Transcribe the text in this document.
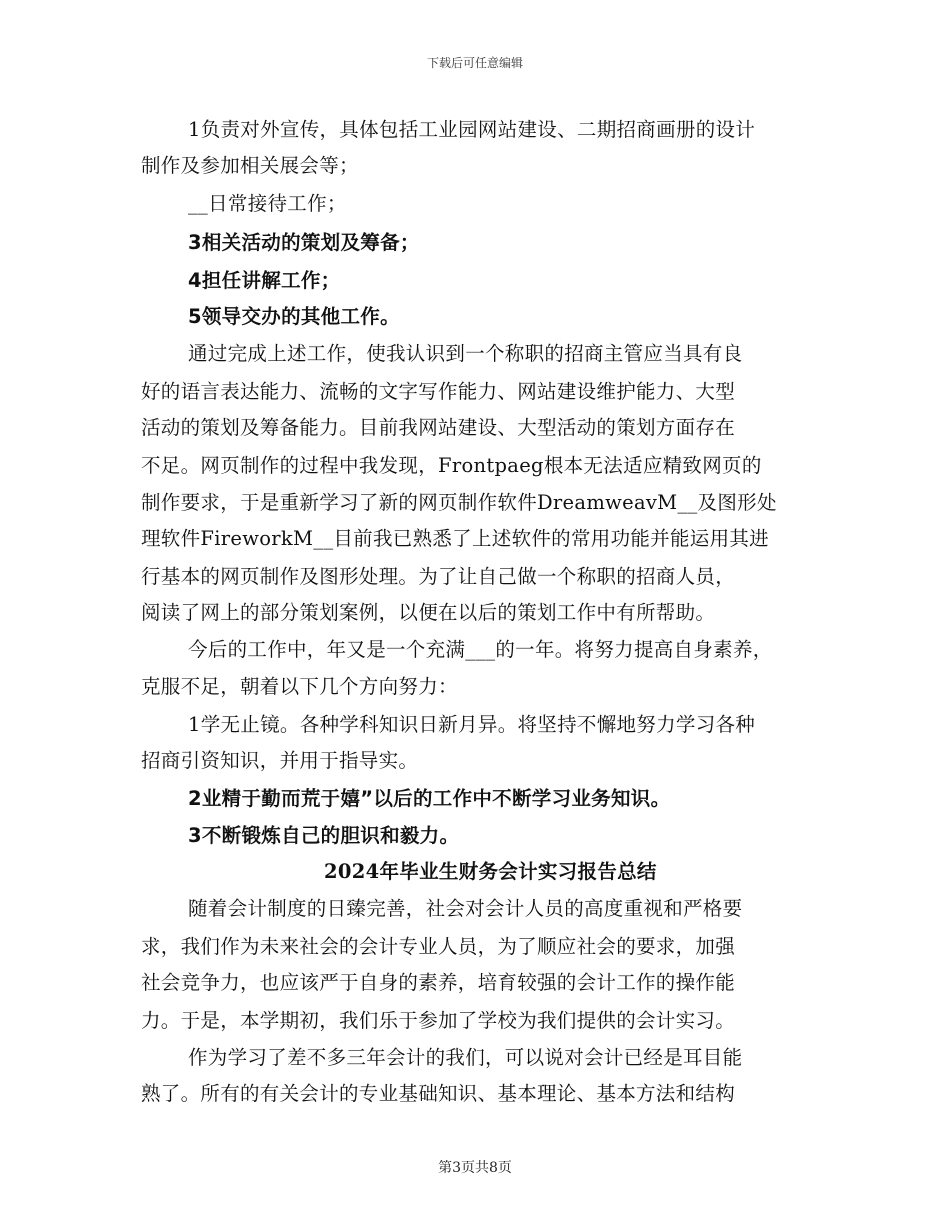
下载后可任意编辑
1负责对外宣传，具体包括工业园网站建设、二期招商画册的设计
制作及参加相关展会等；
__日常接待工作；
3相关活动的策划及筹备；
4担任讲解工作；
5领导交办的其他工作。
通过完成上述工作，使我认识到一个称职的招商主管应当具有良
好的语言表达能力、流畅的文字写作能力、网站建设维护能力、大型
活动的策划及筹备能力。目前我网站建设、大型活动的策划方面存在
不足。网页制作的过程中我发现，Frontpaeg根本无法适应精致网页的
制作要求，于是重新学习了新的网页制作软件DreamweavM__及图形处
理软件FireworkM__目前我已熟悉了上述软件的常用功能并能运用其进
行基本的网页制作及图形处理。为了让自己做一个称职的招商人员，
阅读了网上的部分策划案例，以便在以后的策划工作中有所帮助。
今后的工作中，年又是一个充满___的一年。将努力提高自身素养，
克服不足，朝着以下几个方向努力：
1学无止镜。各种学科知识日新月异。将坚持不懈地努力学习各种
招商引资知识，并用于指导实。
2业精于勤而荒于嬉”以后的工作中不断学习业务知识。
3不断锻炼自己的胆识和毅力。
2024年毕业生财务会计实习报告总结
随着会计制度的日臻完善，社会对会计人员的高度重视和严格要
求，我们作为未来社会的会计专业人员，为了顺应社会的要求，加强
社会竞争力，也应该严于自身的素养，培育较强的会计工作的操作能
力。于是，本学期初，我们乐于参加了学校为我们提供的会计实习。
作为学习了差不多三年会计的我们，可以说对会计已经是耳目能
熟了。所有的有关会计的专业基础知识、基本理论、基本方法和结构
第3页共8页
